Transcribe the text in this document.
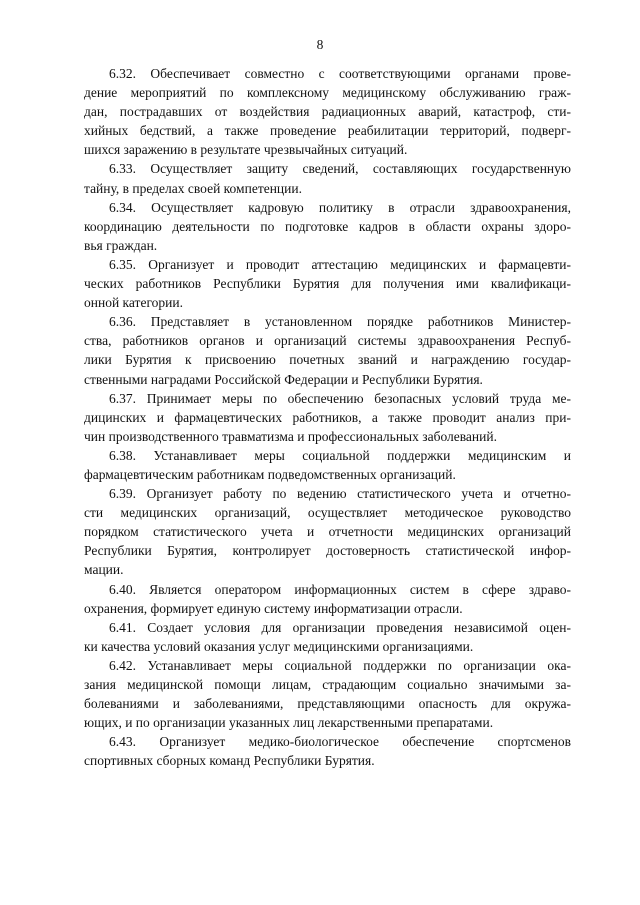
8

6.32. Обеспечивает совместно с соответствующими органами прове-
дение мероприятий по комплексному медицинскому обслуживанию граж-
дан, пострадавших от воздействия радиационных аварий, катастроф, сти-
хийных бедствий, а также проведение реабилитации территорий, подверг-
шихся заражению в результате чрезвычайных ситуаций.

6.33. Осуществляет защиту сведений, составляющих государственную
тайну, в пределах своей компетенции.

6.34. Осуществляет кадровую политику в отрасли здравоохранения,
координацию деятельности по подготовке кадров в области охраны здоро-
вья граждан.

6.35. Организует и проводит аттестацию медицинских и фармацевти-
ческих работников Республики Бурятия для получения ими квалификаци-
онной категории.

6.36. Представляет в установленном порядке работников Министер-
ства, работников органов и организаций системы здравоохранения Респуб-
лики Бурятия к присвоению почетных званий и награждению государ-
ственными наградами Российской Федерации и Республики Бурятия.

6.37. Принимает меры по обеспечению безопасных условий труда ме-
дицинских и фармацевтических работников, а также проводит анализ при-
чин производственного травматизма и профессиональных заболеваний.

6.38. Устанавливает меры социальной поддержки медицинским и
фармацевтическим работникам подведомственных организаций.

6.39. Организует работу по ведению статистического учета и отчетно-
сти медицинских организаций, осуществляет методическое руководство
порядком статистического учета и отчетности медицинских организаций
Республики Бурятия, контролирует достоверность статистической инфор-
мации.

6.40. Является оператором информационных систем в сфере здраво-
охранения, формирует единую систему информатизации отрасли.

6.41. Создает условия для организации проведения независимой оцен-
ки качества условий оказания услуг медицинскими организациями.

6.42. Устанавливает меры социальной поддержки по организации ока-
зания медицинской помощи лицам, страдающим социально значимыми за-
болеваниями и заболеваниями, представляющими опасность для окружа-
ющих, и по организации указанных лиц лекарственными препаратами.

6.43. Организует медико-биологическое обеспечение спортсменов
спортивных сборных команд Республики Бурятия.
